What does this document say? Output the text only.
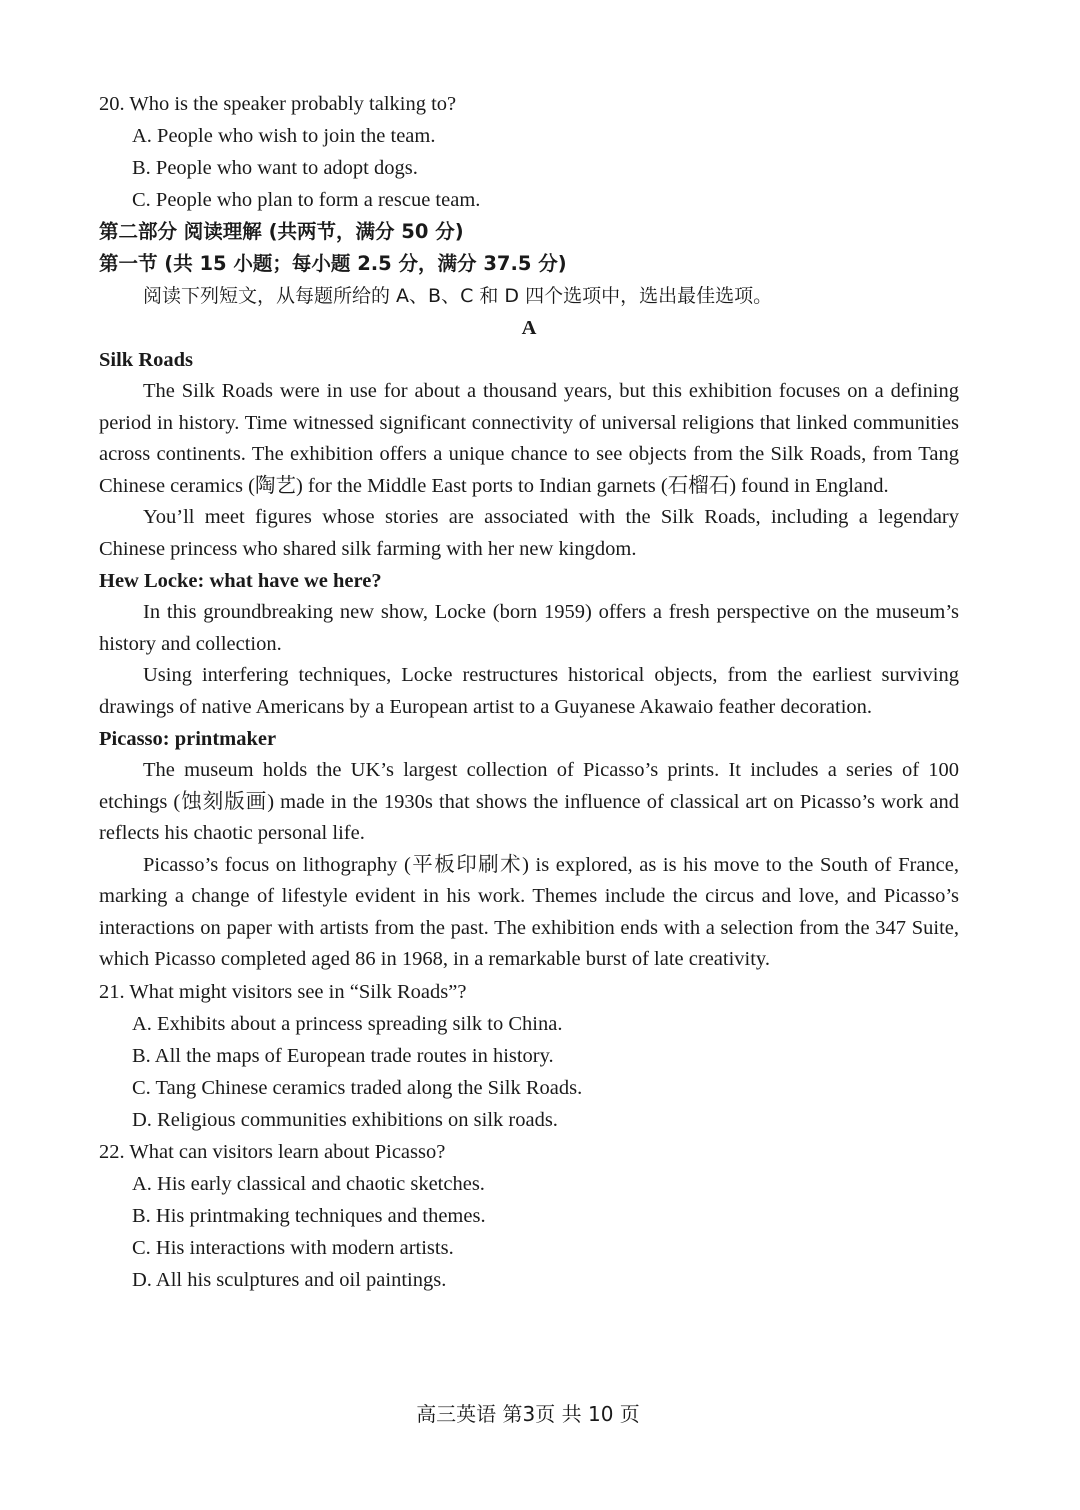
20. Who is the speaker probably talking to?
A. People who wish to join the team.
B. People who want to adopt dogs.
C. People who plan to form a rescue team.
第二部分 阅读理解 (共两节，满分 50 分)
第一节 (共 15 小题；每小题 2.5 分，满分 37.5 分)
阅读下列短文，从每题所给的 A、B、C 和 D 四个选项中，选出最佳选项。
A
Silk Roads

The Silk Roads were in use for about a thousand years, but this exhibition focuses on a defining period in history. Time witnessed significant connectivity of universal religions that linked communities across continents. The exhibition offers a unique chance to see objects from the Silk Roads, from Tang Chinese ceramics (陶艺) for the Middle East ports to Indian garnets (石榴石) found in England.

You’ll meet figures whose stories are associated with the Silk Roads, including a legendary Chinese princess who shared silk farming with her new kingdom.

Hew Locke: what have we here?

In this groundbreaking new show, Locke (born 1959) offers a fresh perspective on the museum’s history and collection.

Using interfering techniques, Locke restructures historical objects, from the earliest surviving drawings of native Americans by a European artist to a Guyanese Akawaio feather decoration.

Picasso: printmaker

The museum holds the UK’s largest collection of Picasso’s prints. It includes a series of 100 etchings (蚀刻版画) made in the 1930s that shows the influence of classical art on Picasso’s work and reflects his chaotic personal life.

Picasso’s focus on lithography (平板印刷术) is explored, as is his move to the South of France, marking a change of lifestyle evident in his work. Themes include the circus and love, and Picasso’s interactions on paper with artists from the past. The exhibition ends with a selection from the 347 Suite, which Picasso completed aged 86 in 1968, in a remarkable burst of late creativity.

21. What might visitors see in “Silk Roads”?
A. Exhibits about a princess spreading silk to China.
B. All the maps of European trade routes in history.
C. Tang Chinese ceramics traded along the Silk Roads.
D. Religious communities exhibitions on silk roads.
22. What can visitors learn about Picasso?
A. His early classical and chaotic sketches.
B. His printmaking techniques and themes.
C. His interactions with modern artists.
D. All his sculptures and oil paintings.
高三英语 第3页 共 10 页
